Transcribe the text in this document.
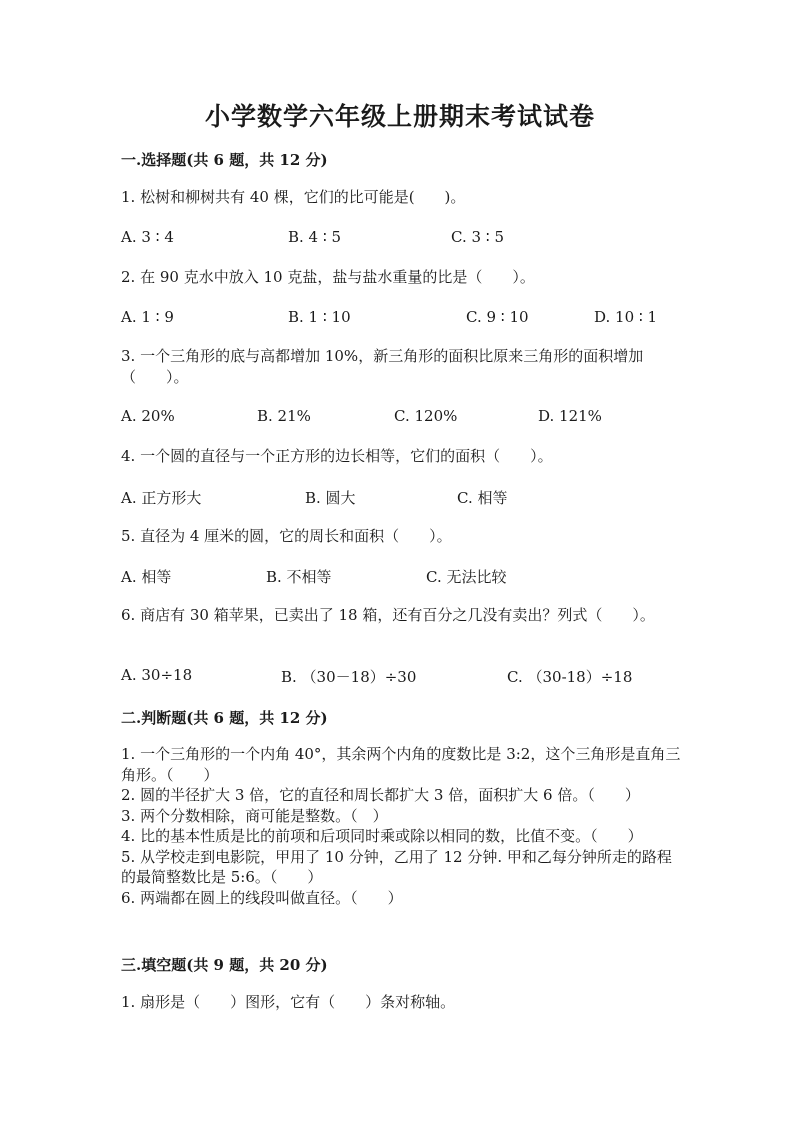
小学数学六年级上册期末考试试卷
一.选择题(共 6 题，共 12 分)
1. 松树和柳树共有 40 棵，它们的比可能是(　　)。
A. 3 ∶ 4	B. 4 ∶ 5	C. 3 ∶ 5
2. 在 90 克水中放入 10 克盐，盐与盐水重量的比是（　　）。
A. 1 ∶ 9	B. 1 ∶ 10	C. 9 ∶ 10	D. 10 ∶ 1
3. 一个三角形的底与高都增加 10%，新三角形的面积比原来三角形的面积增加（　　）。
A. 20%	B. 21%	C. 120%	D. 121%
4. 一个圆的直径与一个正方形的边长相等，它们的面积（　　）。
A. 正方形大	B. 圆大	C. 相等
5. 直径为 4 厘米的圆，它的周长和面积（　　）。
A. 相等	B. 不相等	C. 无法比较
6. 商店有 30 箱苹果，已卖出了 18 箱，还有百分之几没有卖出？列式（　　）。
A. 30÷18	B. （30－18）÷30	C. （30-18）÷18
二.判断题(共 6 题，共 12 分)
1. 一个三角形的一个内角 40°，其余两个内角的度数比是 3:2，这个三角形是直角三角形。（　　）
2. 圆的半径扩大 3 倍，它的直径和周长都扩大 3 倍，面积扩大 6 倍。（　　）
3. 两个分数相除，商可能是整数。（　）
4. 比的基本性质是比的前项和后项同时乘或除以相同的数，比值不变。（　　）
5. 从学校走到电影院，甲用了 10 分钟，乙用了 12 分钟. 甲和乙每分钟所走的路程的最简整数比是 5:6。（　　）
6. 两端都在圆上的线段叫做直径。（　　）
三.填空题(共 9 题，共 20 分)
1. 扇形是（　　）图形，它有（　　）条对称轴。
